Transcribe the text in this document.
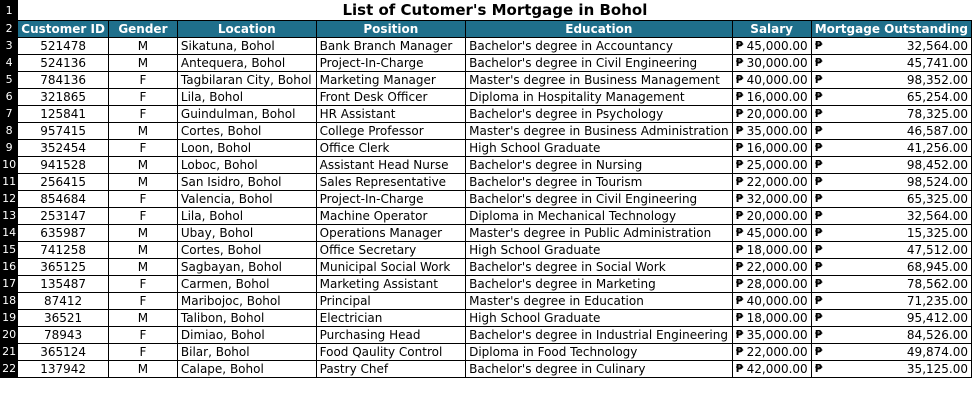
1	List of Cutomer's Mortgage in Bohol						
2	Customer ID	Gender	Location	Position	Education	Salary	Mortgage Outstanding
3	521478	M	Sikatuna, Bohol	Bank Branch Manager	Bachelor's degree in Accountancy	₱ 45,000.00	₱ 32,564.00
4	524136	M	Antequera, Bohol	Project-In-Charge	Bachelor's degree in Civil Engineering	₱ 30,000.00	₱ 45,741.00
5	784136	F	Tagbilaran City, Bohol	Marketing Manager	Master's degree in Business Management	₱ 40,000.00	₱ 98,352.00
6	321865	F	Lila, Bohol	Front Desk Officer	Diploma in Hospitality Management	₱ 16,000.00	₱ 65,254.00
7	125841	F	Guindulman, Bohol	HR Assistant	Bachelor's degree in Psychology	₱ 20,000.00	₱ 78,325.00
8	957415	M	Cortes, Bohol	College Professor	Master's degree in Business Administration	₱ 35,000.00	₱ 46,587.00
9	352454	F	Loon, Bohol	Office Clerk	High School Graduate	₱ 16,000.00	₱ 41,256.00
10	941528	M	Loboc, Bohol	Assistant Head Nurse	Bachelor's degree in Nursing	₱ 25,000.00	₱ 98,452.00
11	256415	M	San Isidro, Bohol	Sales Representative	Bachelor's degree in Tourism	₱ 22,000.00	₱ 98,524.00
12	854684	F	Valencia, Bohol	Project-In-Charge	Bachelor's degree in Civil Engineering	₱ 32,000.00	₱ 65,325.00
13	253147	F	Lila, Bohol	Machine Operator	Diploma in Mechanical Technology	₱ 20,000.00	₱ 32,564.00
14	635987	M	Ubay, Bohol	Operations Manager	Master's degree in Public Administration	₱ 45,000.00	₱ 15,325.00
15	741258	M	Cortes, Bohol	Office Secretary	High School Graduate	₱ 18,000.00	₱ 47,512.00
16	365125	M	Sagbayan, Bohol	Municipal Social Work	Bachelor's degree in Social Work	₱ 22,000.00	₱ 68,945.00
17	135487	F	Carmen, Bohol	Marketing Assistant	Bachelor's degree in Marketing	₱ 28,000.00	₱ 78,562.00
18	87412	F	Maribojoc, Bohol	Principal	Master's degree in Education	₱ 40,000.00	₱ 71,235.00
19	36521	M	Talibon, Bohol	Electrician	High School Graduate	₱ 18,000.00	₱ 95,412.00
20	78943	F	Dimiao, Bohol	Purchasing Head	Bachelor's degree in Industrial Engineering	₱ 35,000.00	₱ 84,526.00
21	365124	F	Bilar, Bohol	Food Qaulity Control	Diploma in Food Technology	₱ 22,000.00	₱ 49,874.00
22	137942	M	Calape, Bohol	Pastry Chef	Bachelor's degree in Culinary	₱ 42,000.00	₱ 35,125.00
